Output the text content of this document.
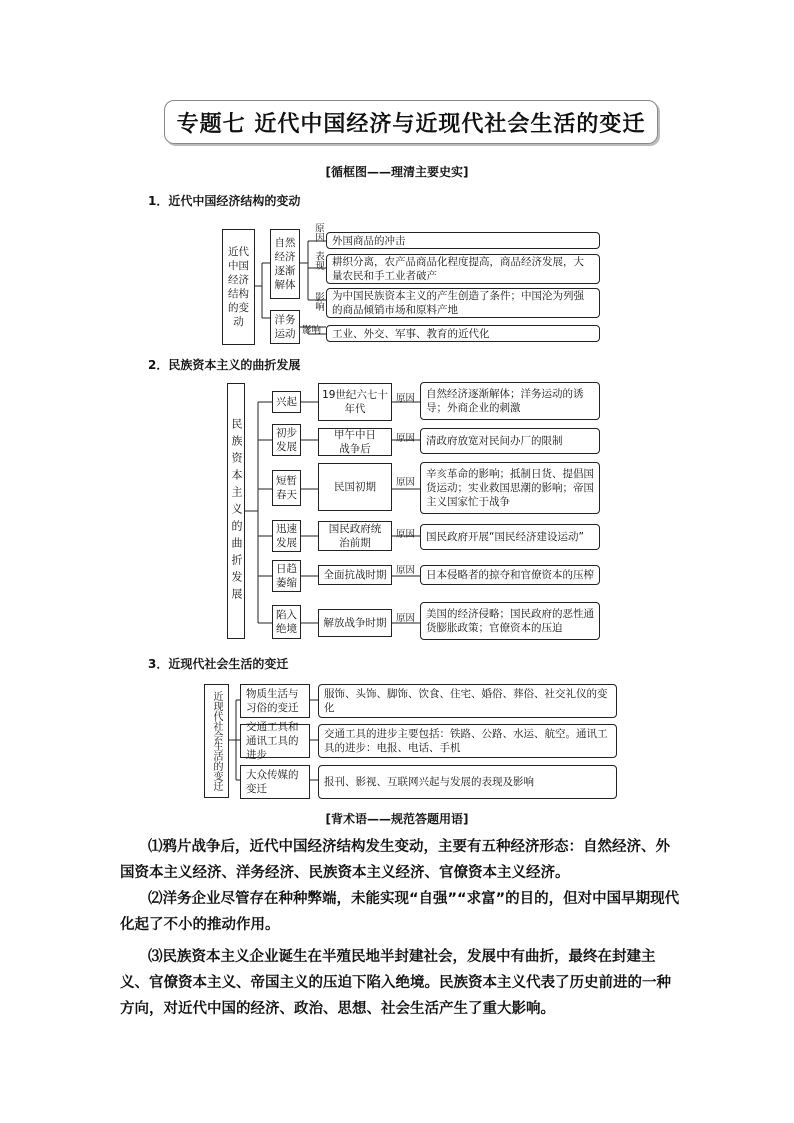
专题七 近代中国经济与近现代社会生活的变迁
[循框图——理清主要史实]
1．近代中国经济结构的变动
近代中国经济结构的变动
自然经济逐渐解体
洋务运动
原因
表现
影响
影响
外国商品的冲击
耕织分离，农产品商品化程度提高，商品经济发展，大量农民和手工业者破产
为中国民族资本主义的产生创造了条件；中国沦为列强的商品倾销市场和原料产地
工业、外交、军事、教育的近代化
2．民族资本主义的曲折发展
民族资本主义的曲折发展
兴起
19世纪六七十年代
原因	自然经济逐渐解体；洋务运动的诱导；外商企业的刺激
初步发展
甲午中日战争后
原因	清政府放宽对民间办厂的限制
短暂春天
民国初期	原因
辛亥革命的影响；抵制日货、提倡国货运动；实业救国思潮的影响；帝国主义国家忙于战争
迅速发展
国民政府统治前期
原因	国民政府开展“国民经济建设运动”
日趋萎缩
全面抗战时期	原因	日本侵略者的掠夺和官僚资本的压榨
陷入绝境	解放战争时期	原因	美国的经济侵略；国民政府的恶性通货膨胀政策；官僚资本的压迫
3．近现代社会生活的变迁
近现代社会生活的变迁	物质生活与习俗的变迁
服饰、头饰、脚饰、饮食、住宅、婚俗、葬俗、社交礼仪的变化
交通工具和通讯工具的进步
交通工具的进步主要包括：铁路、公路、水运、航空。通讯工具的进步：电报、电话、手机
大众传媒的变迁
报刊、影视、互联网兴起与发展的表现及影响
[背术语——规范答题用语]
⑴鸦片战争后，近代中国经济结构发生变动，主要有五种经济形态：自然经济、外国资本主义经济、洋务经济、民族资本主义经济、官僚资本主义经济。
⑵洋务企业尽管存在种种弊端，未能实现“自强”“求富”的目的，但对中国早期现代化起了不小的推动作用。
⑶民族资本主义企业诞生在半殖民地半封建社会，发展中有曲折，最终在封建主义、官僚资本主义、帝国主义的压迫下陷入绝境。民族资本主义代表了历史前进的一种方向，对近代中国的经济、政治、思想、社会生活产生了重大影响。
